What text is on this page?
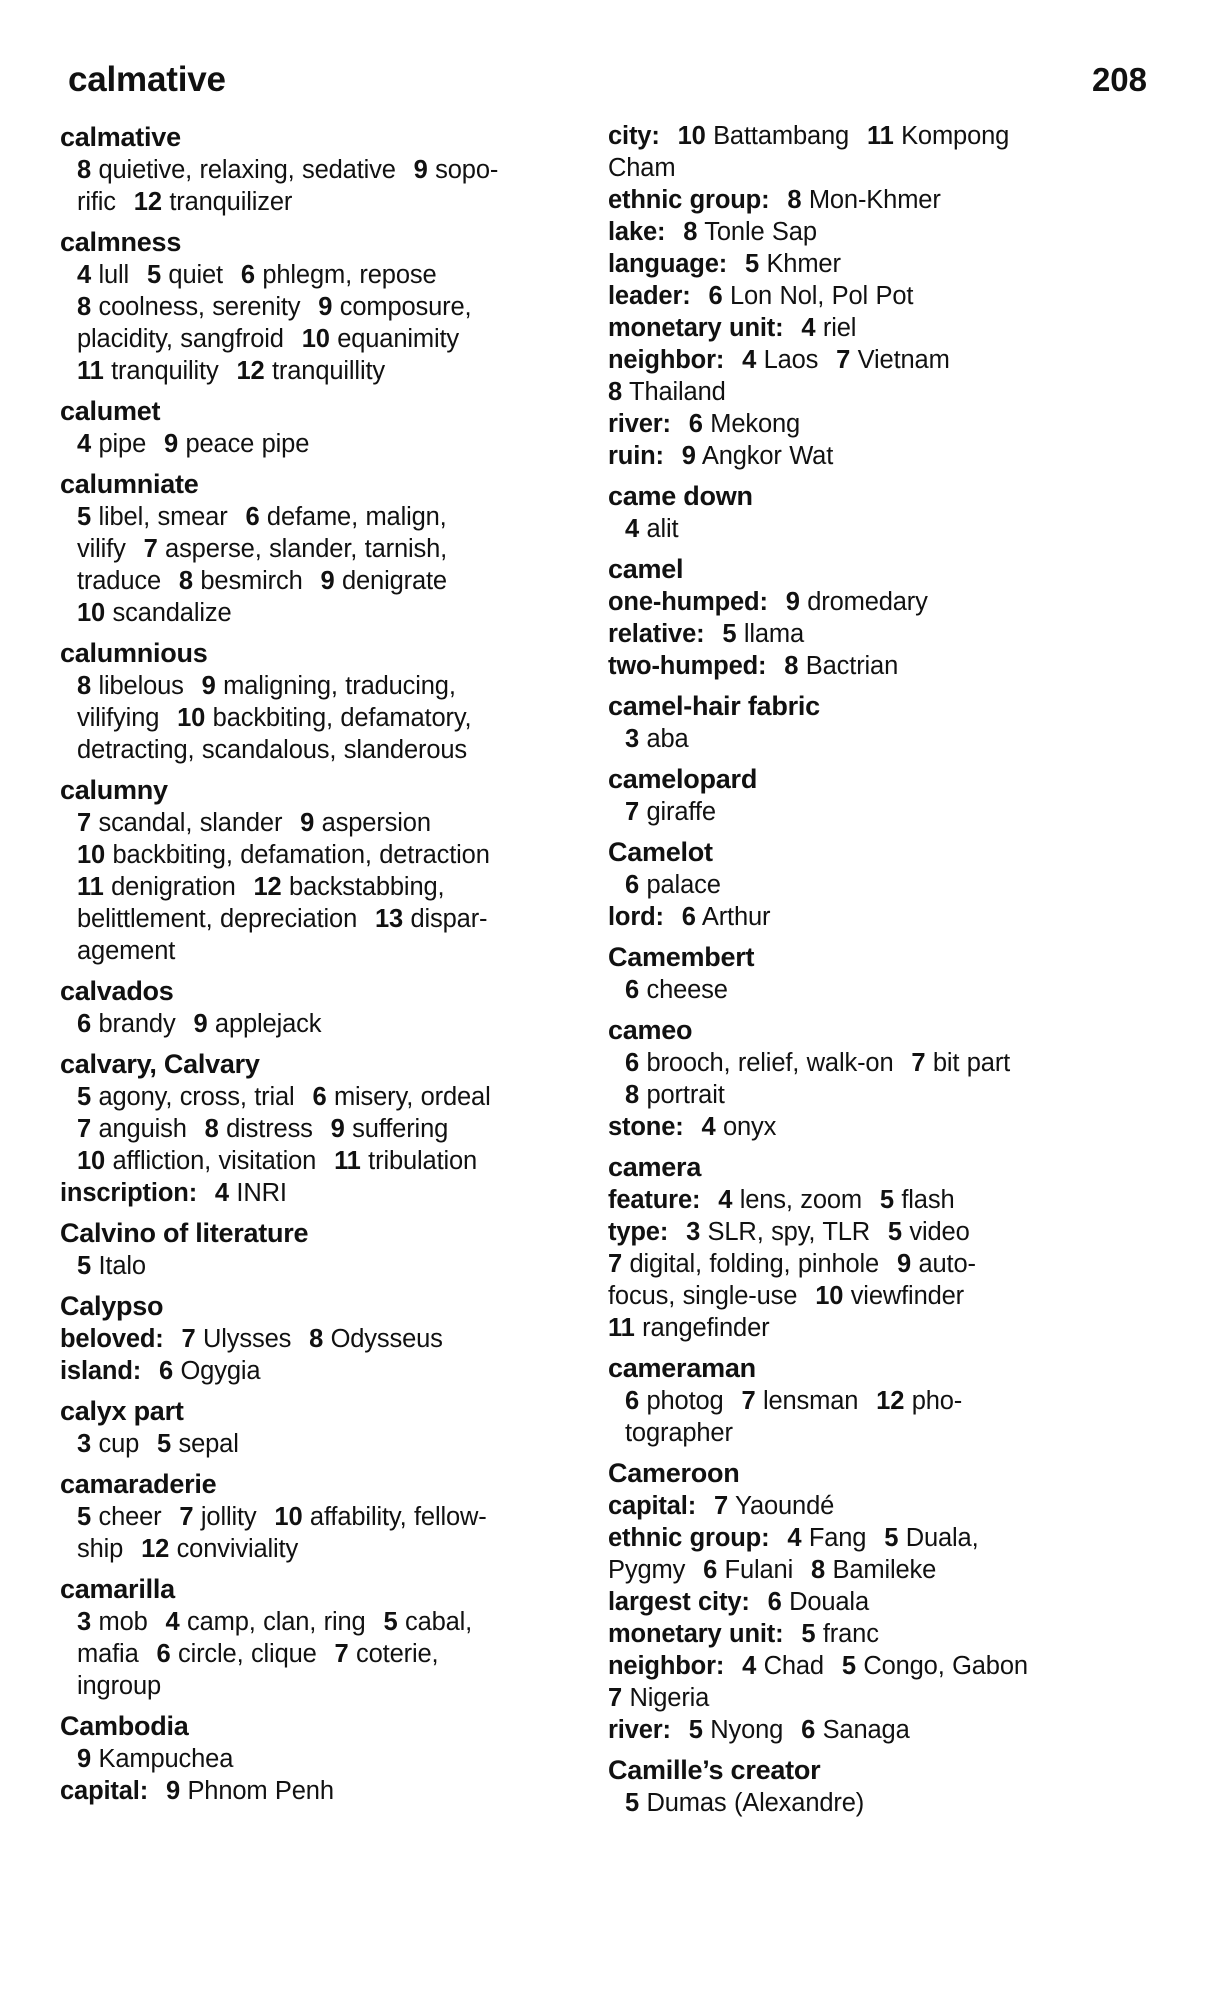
calmative	208
calmative
8 quietive, relaxing, sedative 9 sopo-
rific 12 tranquilizer
calmness
4 lull 5 quiet 6 phlegm, repose
8 coolness, serenity 9 composure,
placidity, sangfroid 10 equanimity
11 tranquility 12 tranquillity
calumet
4 pipe 9 peace pipe
calumniate
5 libel, smear 6 defame, malign,
vilify 7 asperse, slander, tarnish,
traduce 8 besmirch 9 denigrate
10 scandalize
calumnious
8 libelous 9 maligning, traducing,
vilifying 10 backbiting, defamatory,
detracting, scandalous, slanderous
calumny
7 scandal, slander 9 aspersion
10 backbiting, defamation, detraction
11 denigration 12 backstabbing,
belittlement, depreciation 13 dispar-
agement
calvados
6 brandy 9 applejack
calvary, Calvary
5 agony, cross, trial 6 misery, ordeal
7 anguish 8 distress 9 suffering
10 affliction, visitation 11 tribulation
inscription: 4 INRI
Calvino of literature
5 Italo
Calypso
beloved: 7 Ulysses 8 Odysseus
island: 6 Ogygia
calyx part
3 cup 5 sepal
camaraderie
5 cheer 7 jollity 10 affability, fellow-
ship 12 conviviality
camarilla
3 mob 4 camp, clan, ring 5 cabal,
mafia 6 circle, clique 7 coterie,
ingroup
Cambodia
9 Kampuchea
capital: 9 Phnom Penh
city: 10 Battambang 11 Kompong
Cham
ethnic group: 8 Mon-Khmer
lake: 8 Tonle Sap
language: 5 Khmer
leader: 6 Lon Nol, Pol Pot
monetary unit: 4 riel
neighbor: 4 Laos 7 Vietnam
8 Thailand
river: 6 Mekong
ruin: 9 Angkor Wat
came down
4 alit
camel
one-humped: 9 dromedary
relative: 5 llama
two-humped: 8 Bactrian
camel-hair fabric
3 aba
camelopard
7 giraffe
Camelot
6 palace
lord: 6 Arthur
Camembert
6 cheese
cameo
6 brooch, relief, walk-on 7 bit part
8 portrait
stone: 4 onyx
camera
feature: 4 lens, zoom 5 flash
type: 3 SLR, spy, TLR 5 video
7 digital, folding, pinhole 9 auto-
focus, single-use 10 viewfinder
11 rangefinder
cameraman
6 photog 7 lensman 12 pho-
tographer
Cameroon
capital: 7 Yaoundé
ethnic group: 4 Fang 5 Duala,
Pygmy 6 Fulani 8 Bamileke
largest city: 6 Douala
monetary unit: 5 franc
neighbor: 4 Chad 5 Congo, Gabon
7 Nigeria
river: 5 Nyong 6 Sanaga
Camille’s creator
5 Dumas (Alexandre)
